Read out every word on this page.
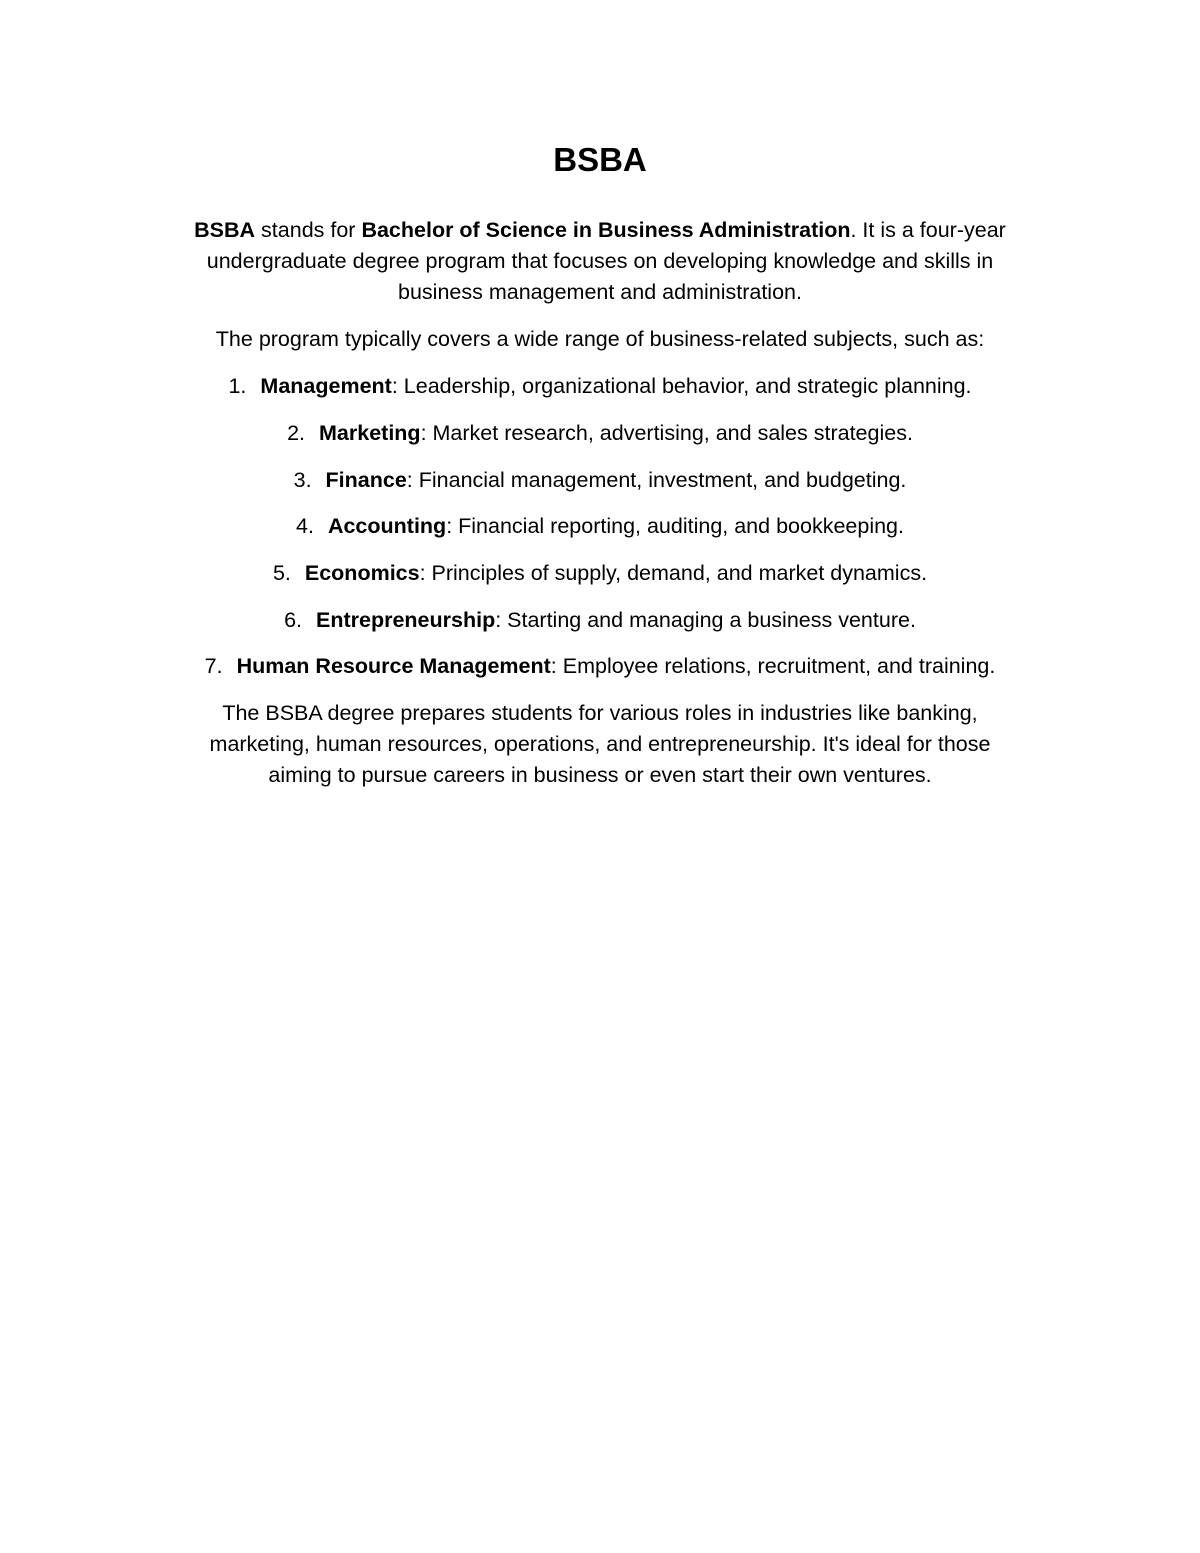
BSBA
BSBA stands for Bachelor of Science in Business Administration. It is a four-year
undergraduate degree program that focuses on developing knowledge and skills in
business management and administration.
The program typically covers a wide range of business-related subjects, such as:
1. Management: Leadership, organizational behavior, and strategic planning.
2. Marketing: Market research, advertising, and sales strategies.
3. Finance: Financial management, investment, and budgeting.
4. Accounting: Financial reporting, auditing, and bookkeeping.
5. Economics: Principles of supply, demand, and market dynamics.
6. Entrepreneurship: Starting and managing a business venture.
7. Human Resource Management: Employee relations, recruitment, and training.
The BSBA degree prepares students for various roles in industries like banking,
marketing, human resources, operations, and entrepreneurship. It's ideal for those
aiming to pursue careers in business or even start their own ventures.
